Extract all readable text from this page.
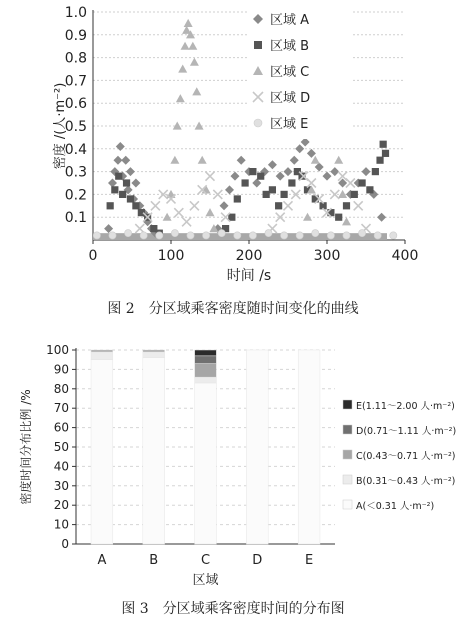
0.1
0.2
0.3
0.4
0.5
0.6
0.7
0.8
0.9
1.0
0	100	200	300	400
时间 /s
密度 /(人·m⁻²)
区域 A
区域 B
区域 C
区域 D
区域 E
图 2　分区域乘客密度随时间变化的曲线
0
10
20
30
40
50
60
70
80
90
100
A	B	C	D	E
区域
密度时间分布比例 /%	E(1.11～2.00 人·m⁻²)
D(0.71～1.11 人·m⁻²)
C(0.43～0.71 人·m⁻²)
B(0.31～0.43 人·m⁻²)
A(＜0.31 人·m⁻²)
图 3　分区域乘客密度时间的分布图
